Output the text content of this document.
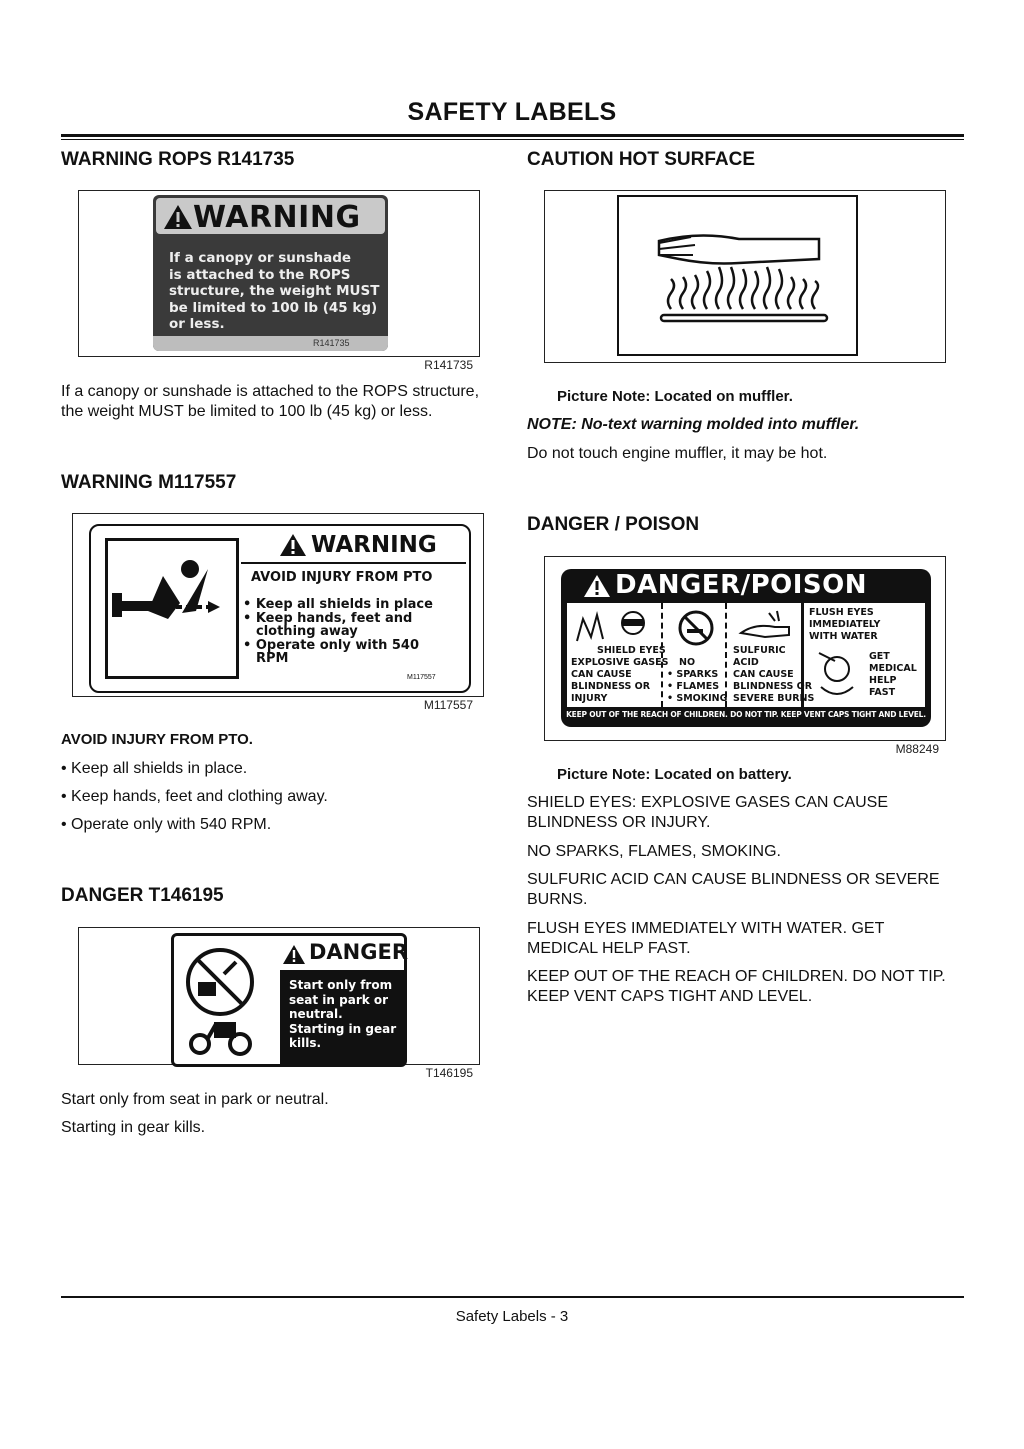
SAFETY LABELS
WARNING ROPS R141735
WARNING
If a canopy or sunshade
is attached to the ROPS
structure, the weight MUST
be limited to 100 lb (45 kg)
or less.
R141735
R141735
If a canopy or sunshade is attached to the ROPS structure, the weight MUST be limited to 100 lb (45 kg) or less.
WARNING M117557
WARNING
AVOID INJURY FROM PTO
• Keep all shields in place
• Keep hands, feet and
clothing away
• Operate only with 540
RPM
M117557
M117557
AVOID INJURY FROM PTO.
• Keep all shields in place.
• Keep hands, feet and clothing away.
• Operate only with 540 RPM.
DANGER T146195
DANGER
Start only from
seat in park or
neutral.
Starting in gear
kills.
T146195
Start only from seat in park or neutral.
Starting in gear kills.
CAUTION HOT SURFACE
Picture Note: Located on muffler.
NOTE: No-text warning molded into muffler.
Do not touch engine muffler, it may be hot.
DANGER / POISON
DANGER/POISON
SHIELD EYES
EXPLOSIVE GASES
CAN CAUSE
BLINDNESS OR
INJURY
NO
• SPARKS
• FLAMES
• SMOKING
SULFURIC
ACID
CAN CAUSE
BLINDNESS OR
SEVERE BURNS
FLUSH EYES
IMMEDIATELY
WITH WATER
GET
MEDICAL
HELP
FAST
KEEP OUT OF THE REACH OF CHILDREN. DO NOT TIP. KEEP VENT CAPS TIGHT AND LEVEL.
M88249
Picture Note: Located on battery.
SHIELD EYES: EXPLOSIVE GASES CAN CAUSE BLINDNESS OR INJURY.
NO SPARKS, FLAMES, SMOKING.
SULFURIC ACID CAN CAUSE BLINDNESS OR SEVERE BURNS.
FLUSH EYES IMMEDIATELY WITH WATER. GET MEDICAL HELP FAST.
KEEP OUT OF THE REACH OF CHILDREN. DO NOT TIP. KEEP VENT CAPS TIGHT AND LEVEL.
Safety Labels - 3
